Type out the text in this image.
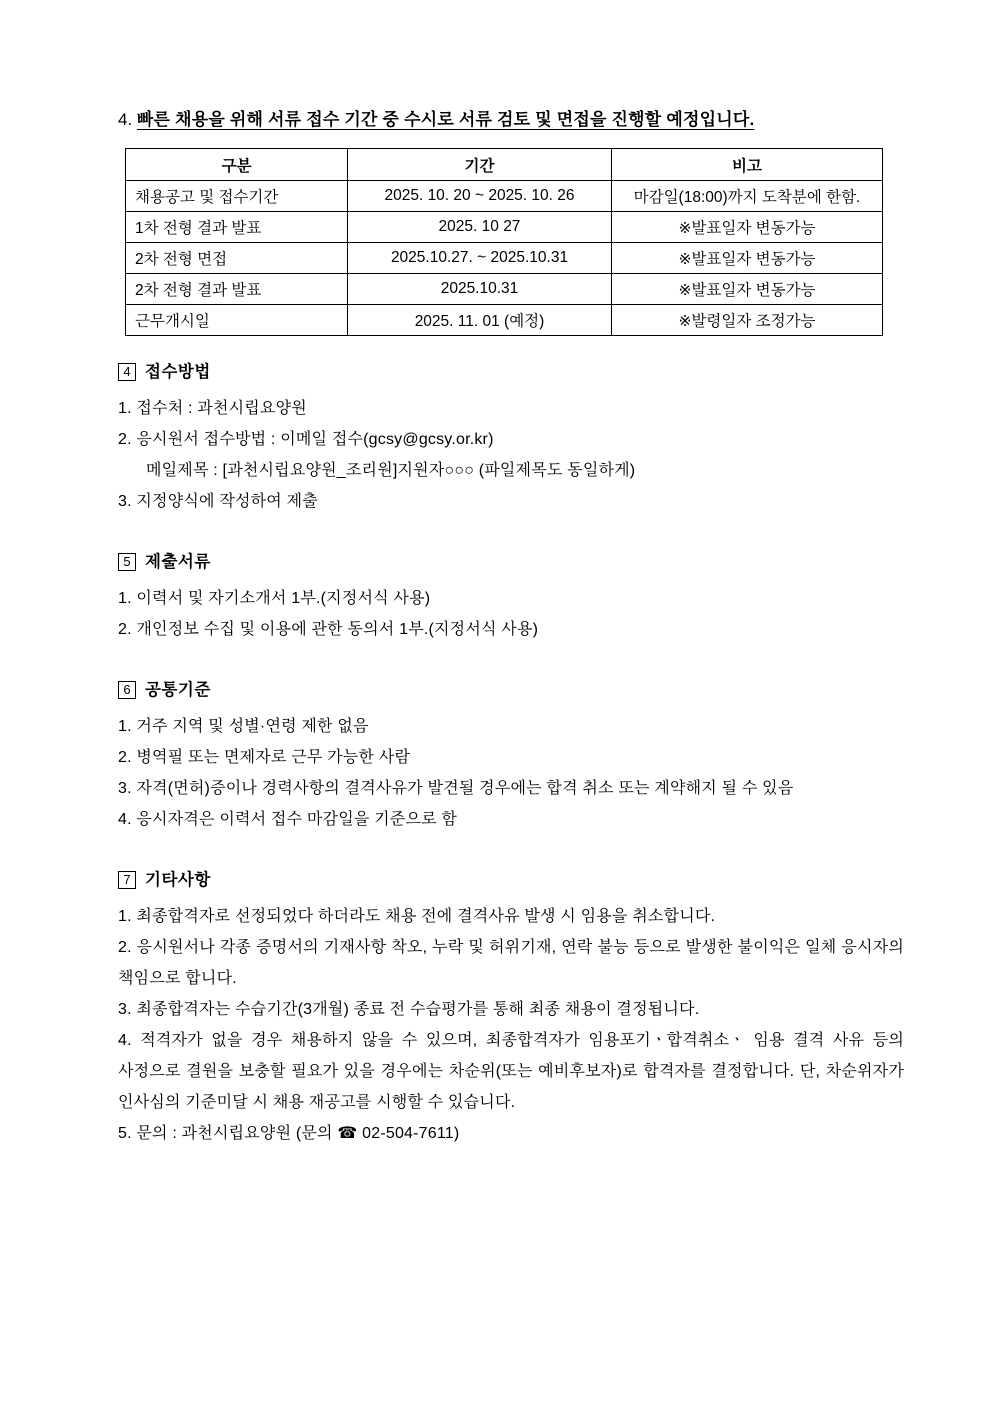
4. 빠른 채용을 위해 서류 접수 기간 중 수시로 서류 검토 및 면접을 진행할 예정입니다.

구분	기간	비고
채용공고 및 접수기간	2025. 10. 20 ~ 2025. 10. 26	마감일(18:00)까지 도착분에 한함.
1차 전형 결과 발표	2025. 10 27	※발표일자 변동가능
2차 전형 면접	2025.10.27. ~ 2025.10.31	※발표일자 변동가능
2차 전형 결과 발표	2025.10.31	※발표일자 변동가능
근무개시일	2025. 11. 01 (예정)	※발령일자 조정가능
4 접수방법

1. 접수처 : 과천시립요양원

2. 응시원서 접수방법 : 이메일 접수(gcsy@gcsy.or.kr)

메일제목 : [과천시립요양원_조리원]지원자○○○ (파일제목도 동일하게)

3. 지정양식에 작성하여 제출

5 제출서류

1. 이력서 및 자기소개서 1부.(지정서식 사용)

2. 개인정보 수집 및 이용에 관한 동의서 1부.(지정서식 사용)

6 공통기준

1. 거주 지역 및 성별·연령 제한 없음

2. 병역필 또는 면제자로 근무 가능한 사람

3. 자격(면허)증이나 경력사항의 결격사유가 발견될 경우에는 합격 취소 또는 계약해지 될 수 있음

4. 응시자격은 이력서 접수 마감일을 기준으로 함

7 기타사항

1. 최종합격자로 선정되었다 하더라도 채용 전에 결격사유 발생 시 임용을 취소합니다.

2. 응시원서나 각종 증명서의 기재사항 착오, 누락 및 허위기재, 연락 불능 등으로 발생한 불이익은 일체 응시자의 책임으로 합니다.

3. 최종합격자는 수습기간(3개월) 종료 전 수습평가를 통해 최종 채용이 결정됩니다.

4. 적격자가 없을 경우 채용하지 않을 수 있으며, 최종합격자가 임용포기ㆍ합격취소ㆍ 임용 결격 사유 등의 사정으로 결원을 보충할 필요가 있을 경우에는 차순위(또는 예비후보자)로 합격자를 결정합니다. 단, 차순위자가 인사심의 기준미달 시 채용 재공고를 시행할 수 있습니다.

5. 문의 : 과천시립요양원 (문의 ☎ 02-504-7611)
